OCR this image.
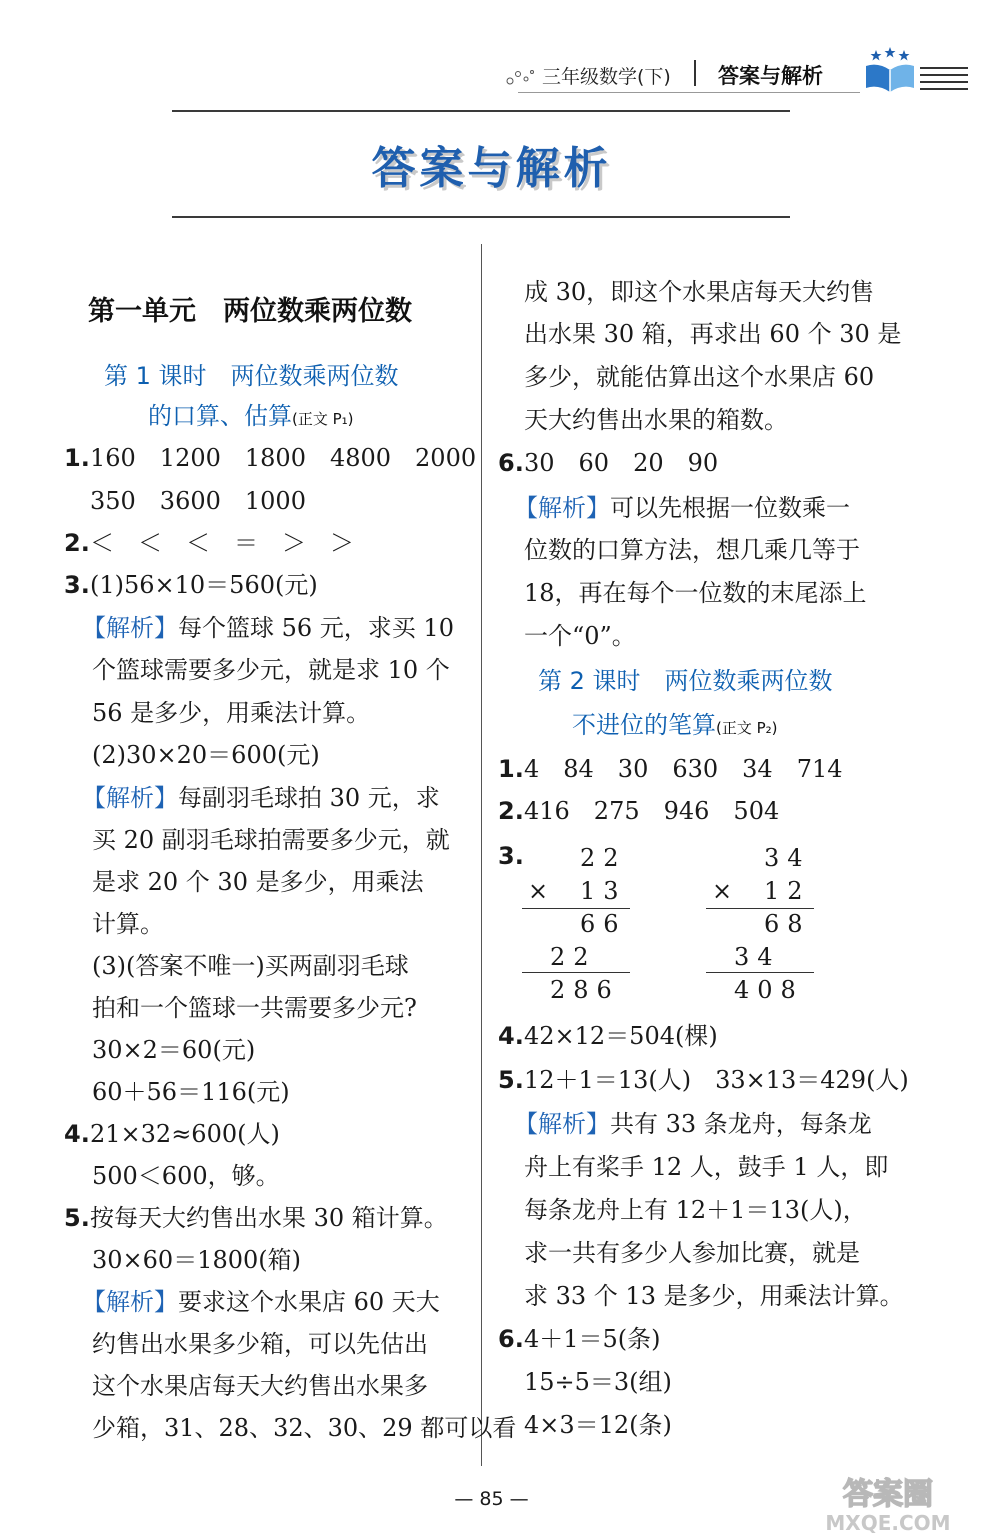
三年级数学(下) 答案与解析
答案与解析
第一单元　两位数乘两位数
第 1 课时　两位数乘两位数
的口算、估算(正文 P₁)
1. 160　1200　1800　4800　2000
350　3600　1000
2. ＜　＜　＜　＝　＞　＞
3. (1)56×10＝560(元)
【解析】每个篮球 56 元，求买 10
个篮球需要多少元，就是求 10 个
56 是多少，用乘法计算。
(2)30×20＝600(元)
【解析】每副羽毛球拍 30 元，求
买 20 副羽毛球拍需要多少元，就
是求 20 个 30 是多少，用乘法
计算。
(3)(答案不唯一)买两副羽毛球
拍和一个篮球一共需要多少元?
30×2＝60(元)
60＋56＝116(元)
4. 21×32≈600(人)
500＜600，够。
5. 按每天大约售出水果 30 箱计算。
30×60＝1800(箱)
【解析】要求这个水果店 60 天大
约售出水果多少箱，可以先估出
这个水果店每天大约售出水果多
少箱，31、28、32、30、29 都可以看
成 30，即这个水果店每天大约售
出水果 30 箱，再求出 60 个 30 是
多少，就能估算出这个水果店 60
天大约售出水果的箱数。
6. 30　60　20　90
【解析】可以先根据一位数乘一
位数的口算方法，想几乘几等于
18，再在每个一位数的末尾添上
一个“0”。
第 2 课时　两位数乘两位数
不进位的笔算(正文 P₂)
1. 4　84　30　630　34　714
2. 416　275　946　504
3. 22
× 13
66
22
286
34
× 12
68
34
408
4. 42×12＝504(棵)
5. 12＋1＝13(人)　33×13＝429(人)
【解析】共有 33 条龙舟，每条龙
舟上有桨手 12 人，鼓手 1 人，即
每条龙舟上有 12＋1＝13(人)，
求一共有多少人参加比赛，就是
求 33 个 13 是多少，用乘法计算。
6. 4＋1＝5(条)
15÷5＝3(组)
4×3＝12(条)
— 85 —	答案圈
MXQE.COM
